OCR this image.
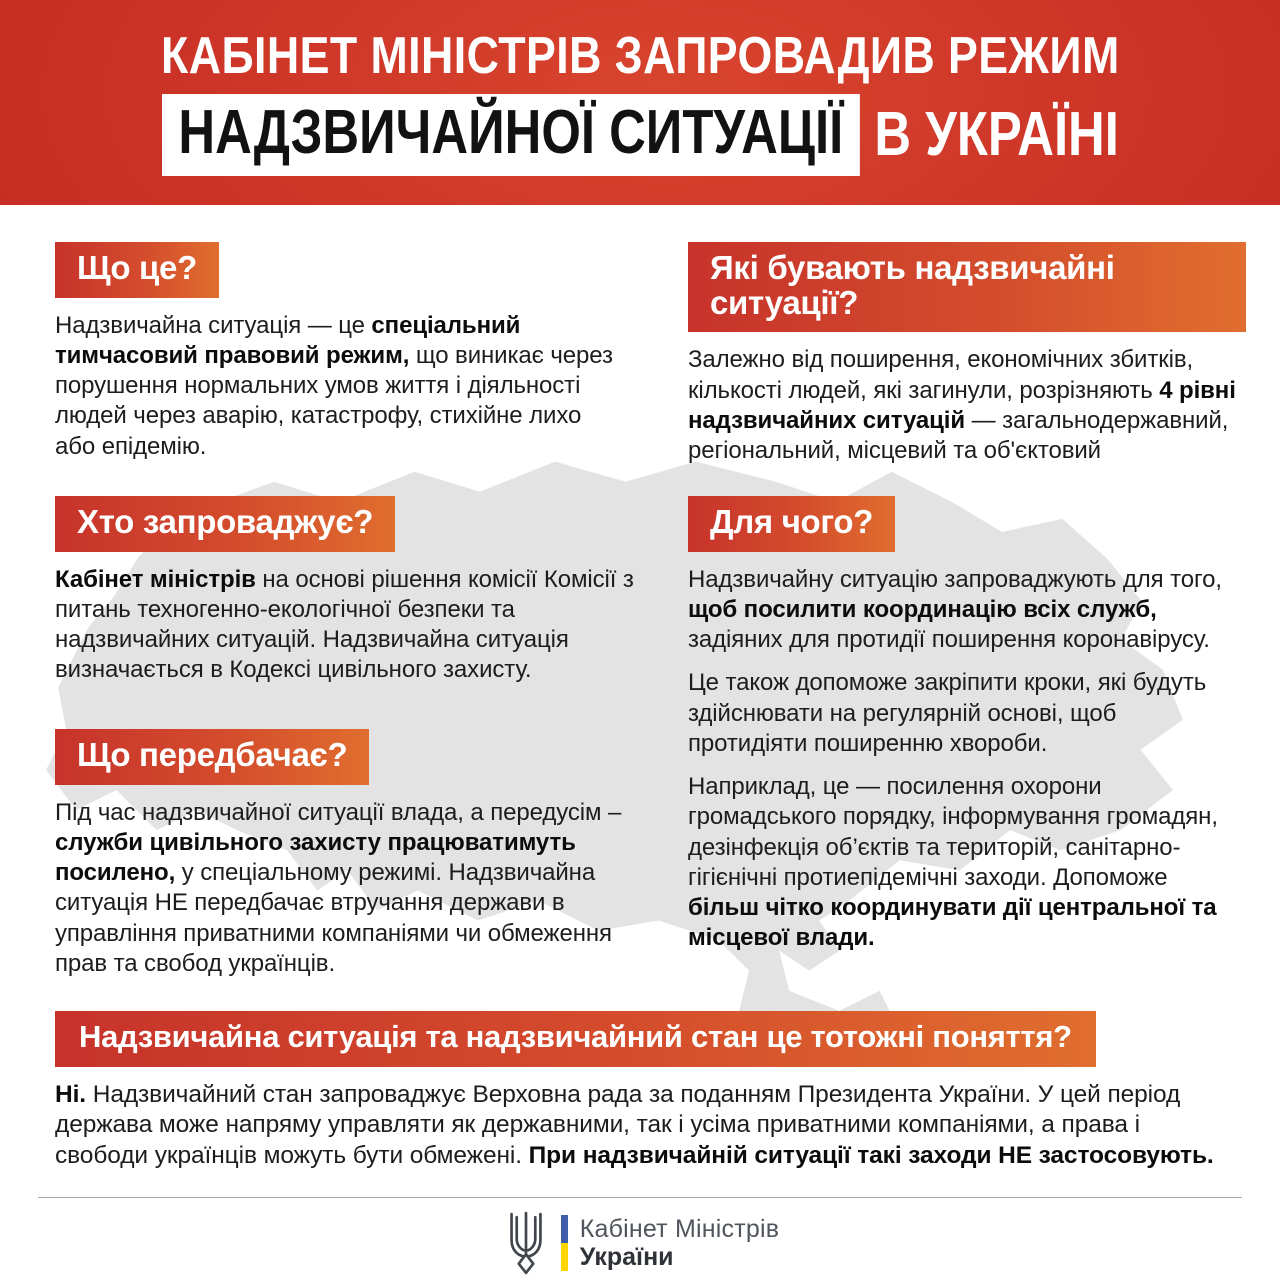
КАБІНЕТ МІНІСТРІВ ЗАПРОВАДИВ РЕЖИМ
НАДЗВИЧАЙНОЇ СИТУАЦІЇ В УКРАЇНІ
Що це?

Надзвичайна ситуація — це спеціальний тимчасовий правовий режим, що виникає через порушення нормальних умов життя і діяльності людей через аварію, катастрофу, стихійне лихо або епідемію.

Хто запроваджує?

Кабінет міністрів на основі рішення комісії Комісії з питань техногенно-екологічної безпеки та надзвичайних ситуацій. Надзвичайна ситуація визначається в Кодексі цивільного захисту.

Що передбачає?

Під час надзвичайної ситуації влада, а передусім – служби цивільного захисту працюватимуть посилено, у спеціальному режимі. Надзвичайна ситуація НЕ передбачає втручання держави в управління приватними компаніями чи обмеження прав та свобод українців.

Які бувають надзвичайні ситуації?

Залежно від поширення, економічних збитків, кількості людей, які загинули, розрізняють 4 рівні надзвичайних ситуацій — загальнодержавний, регіональний, місцевий та об'єктовий

Для чого?

Надзвичайну ситуацію запроваджують для того, щоб посилити координацію всіх служб, задіяних для протидії поширення коронавірусу.

Це також допоможе закріпити кроки, які будуть здійснювати на регулярній основі, щоб протидіяти поширенню хвороби.

Наприклад, це — посилення охорони громадського порядку, інформування громадян, дезінфекція об’єктів та територій, санітарно-гігієнічні протиепідемічні заходи. Допоможе більш чітко координувати дії центральної та місцевої влади.

Надзвичайна ситуація та надзвичайний стан це тотожні поняття?

Ні. Надзвичайний стан запроваджує Верховна рада за поданням Президента України. У цей період держава може напряму управляти як державними, так і усіма приватними компаніями, а права і свободи українців можуть бути обмежені. При надзвичайній ситуації такі заходи НЕ застосовують.

Кабінет Міністрів
України
